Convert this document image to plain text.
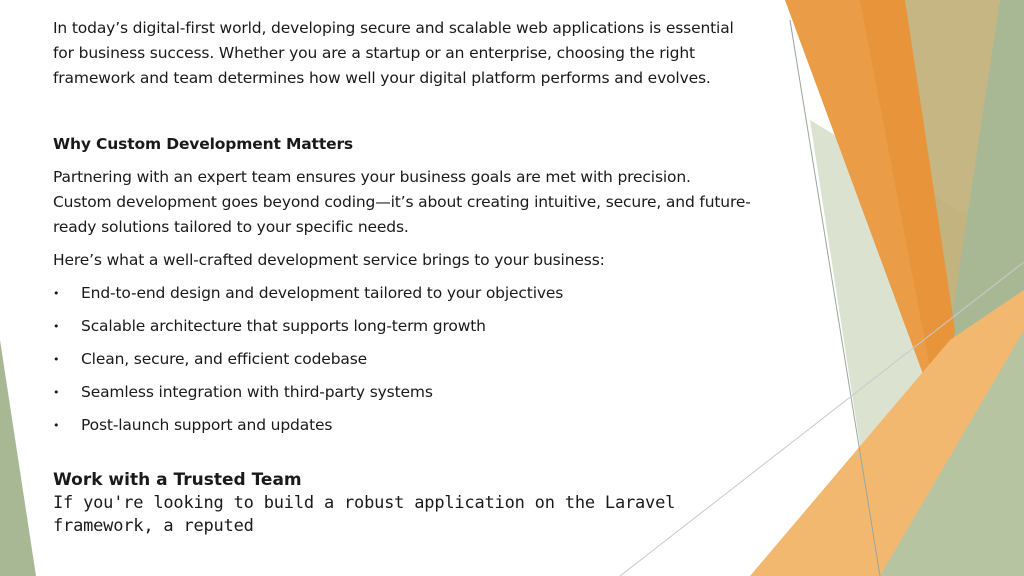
In today’s digital-first world, developing secure and scalable web applications is essential for business success. Whether you are a startup or an enterprise, choosing the right framework and team determines how well your digital platform performs and evolves.

Why Custom Development Matters

Partnering with an expert team ensures your business goals are met with precision. Custom development goes beyond coding—it’s about creating intuitive, secure, and future-ready solutions tailored to your specific needs.

Here’s what a well-crafted development service brings to your business:

• End-to-end design and development tailored to your objectives
• Scalable architecture that supports long-term growth
• Clean, secure, and efficient codebase
• Seamless integration with third-party systems
• Post-launch support and updates
Work with a Trusted Team
If you're looking to build a robust application on the Laravel framework, a reputed
